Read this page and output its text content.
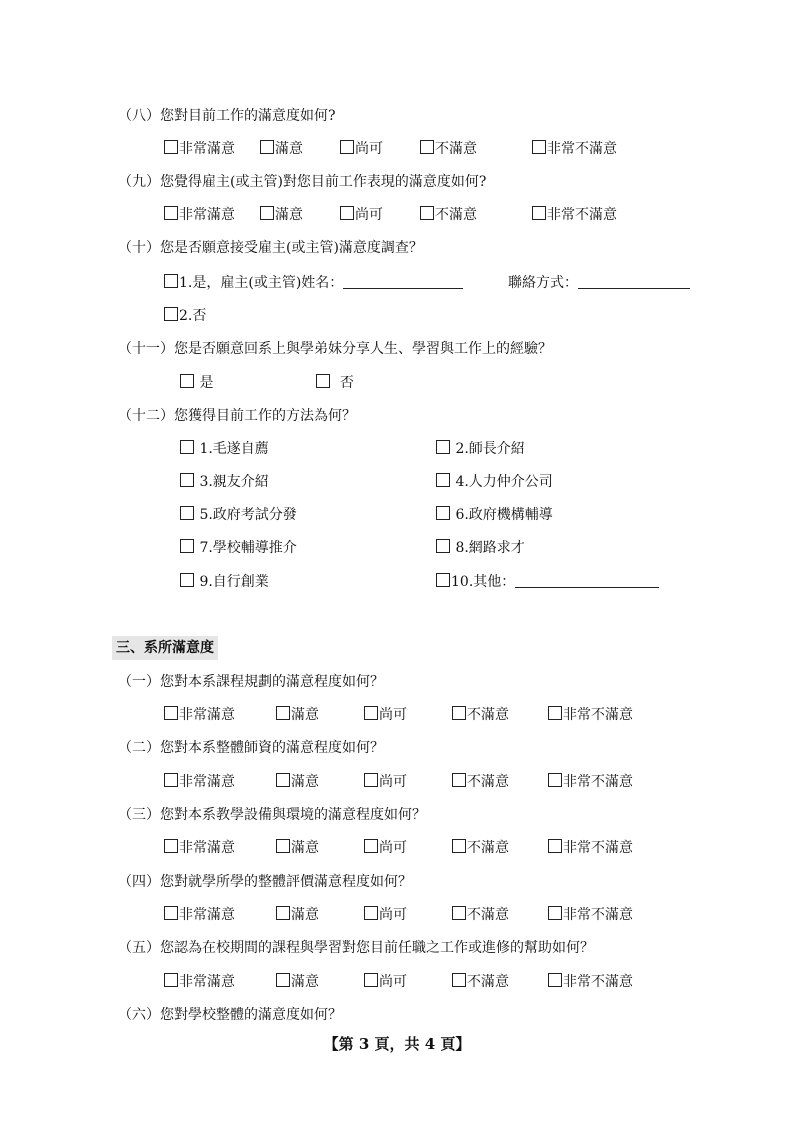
（八）您對目前工作的滿意度如何?
非常滿意	滿意	尚可	不滿意	非常不滿意
（九）您覺得雇主(或主管)對您目前工作表現的滿意度如何?
非常滿意	滿意	尚可	不滿意	非常不滿意
（十）您是否願意接受雇主(或主管)滿意度調查？
1.是，雇主(或主管)姓名：	聯絡方式：
2.否
（十一）您是否願意回系上與學弟妹分享人生、學習與工作上的經驗？
是	否
（十二）您獲得目前工作的方法為何？
1.毛遂自薦	2.師長介紹
3.親友介紹	4.人力仲介公司
5.政府考試分發	6.政府機構輔導
7.學校輔導推介	8.網路求才
9.自行創業	10.其他：
三、系所滿意度
（一）您對本系課程規劃的滿意程度如何？
非常滿意	滿意	尚可	不滿意	非常不滿意
（二）您對本系整體師資的滿意程度如何？
非常滿意	滿意	尚可	不滿意	非常不滿意
（三）您對本系教學設備與環境的滿意程度如何？
非常滿意	滿意	尚可	不滿意	非常不滿意
（四）您對就學所學的整體評價滿意程度如何？
非常滿意	滿意	尚可	不滿意	非常不滿意
（五）您認為在校期間的課程與學習對您目前任職之工作或進修的幫助如何？
非常滿意	滿意	尚可	不滿意	非常不滿意
（六）您對學校整體的滿意度如何？
【第 3 頁，共 4 頁】
